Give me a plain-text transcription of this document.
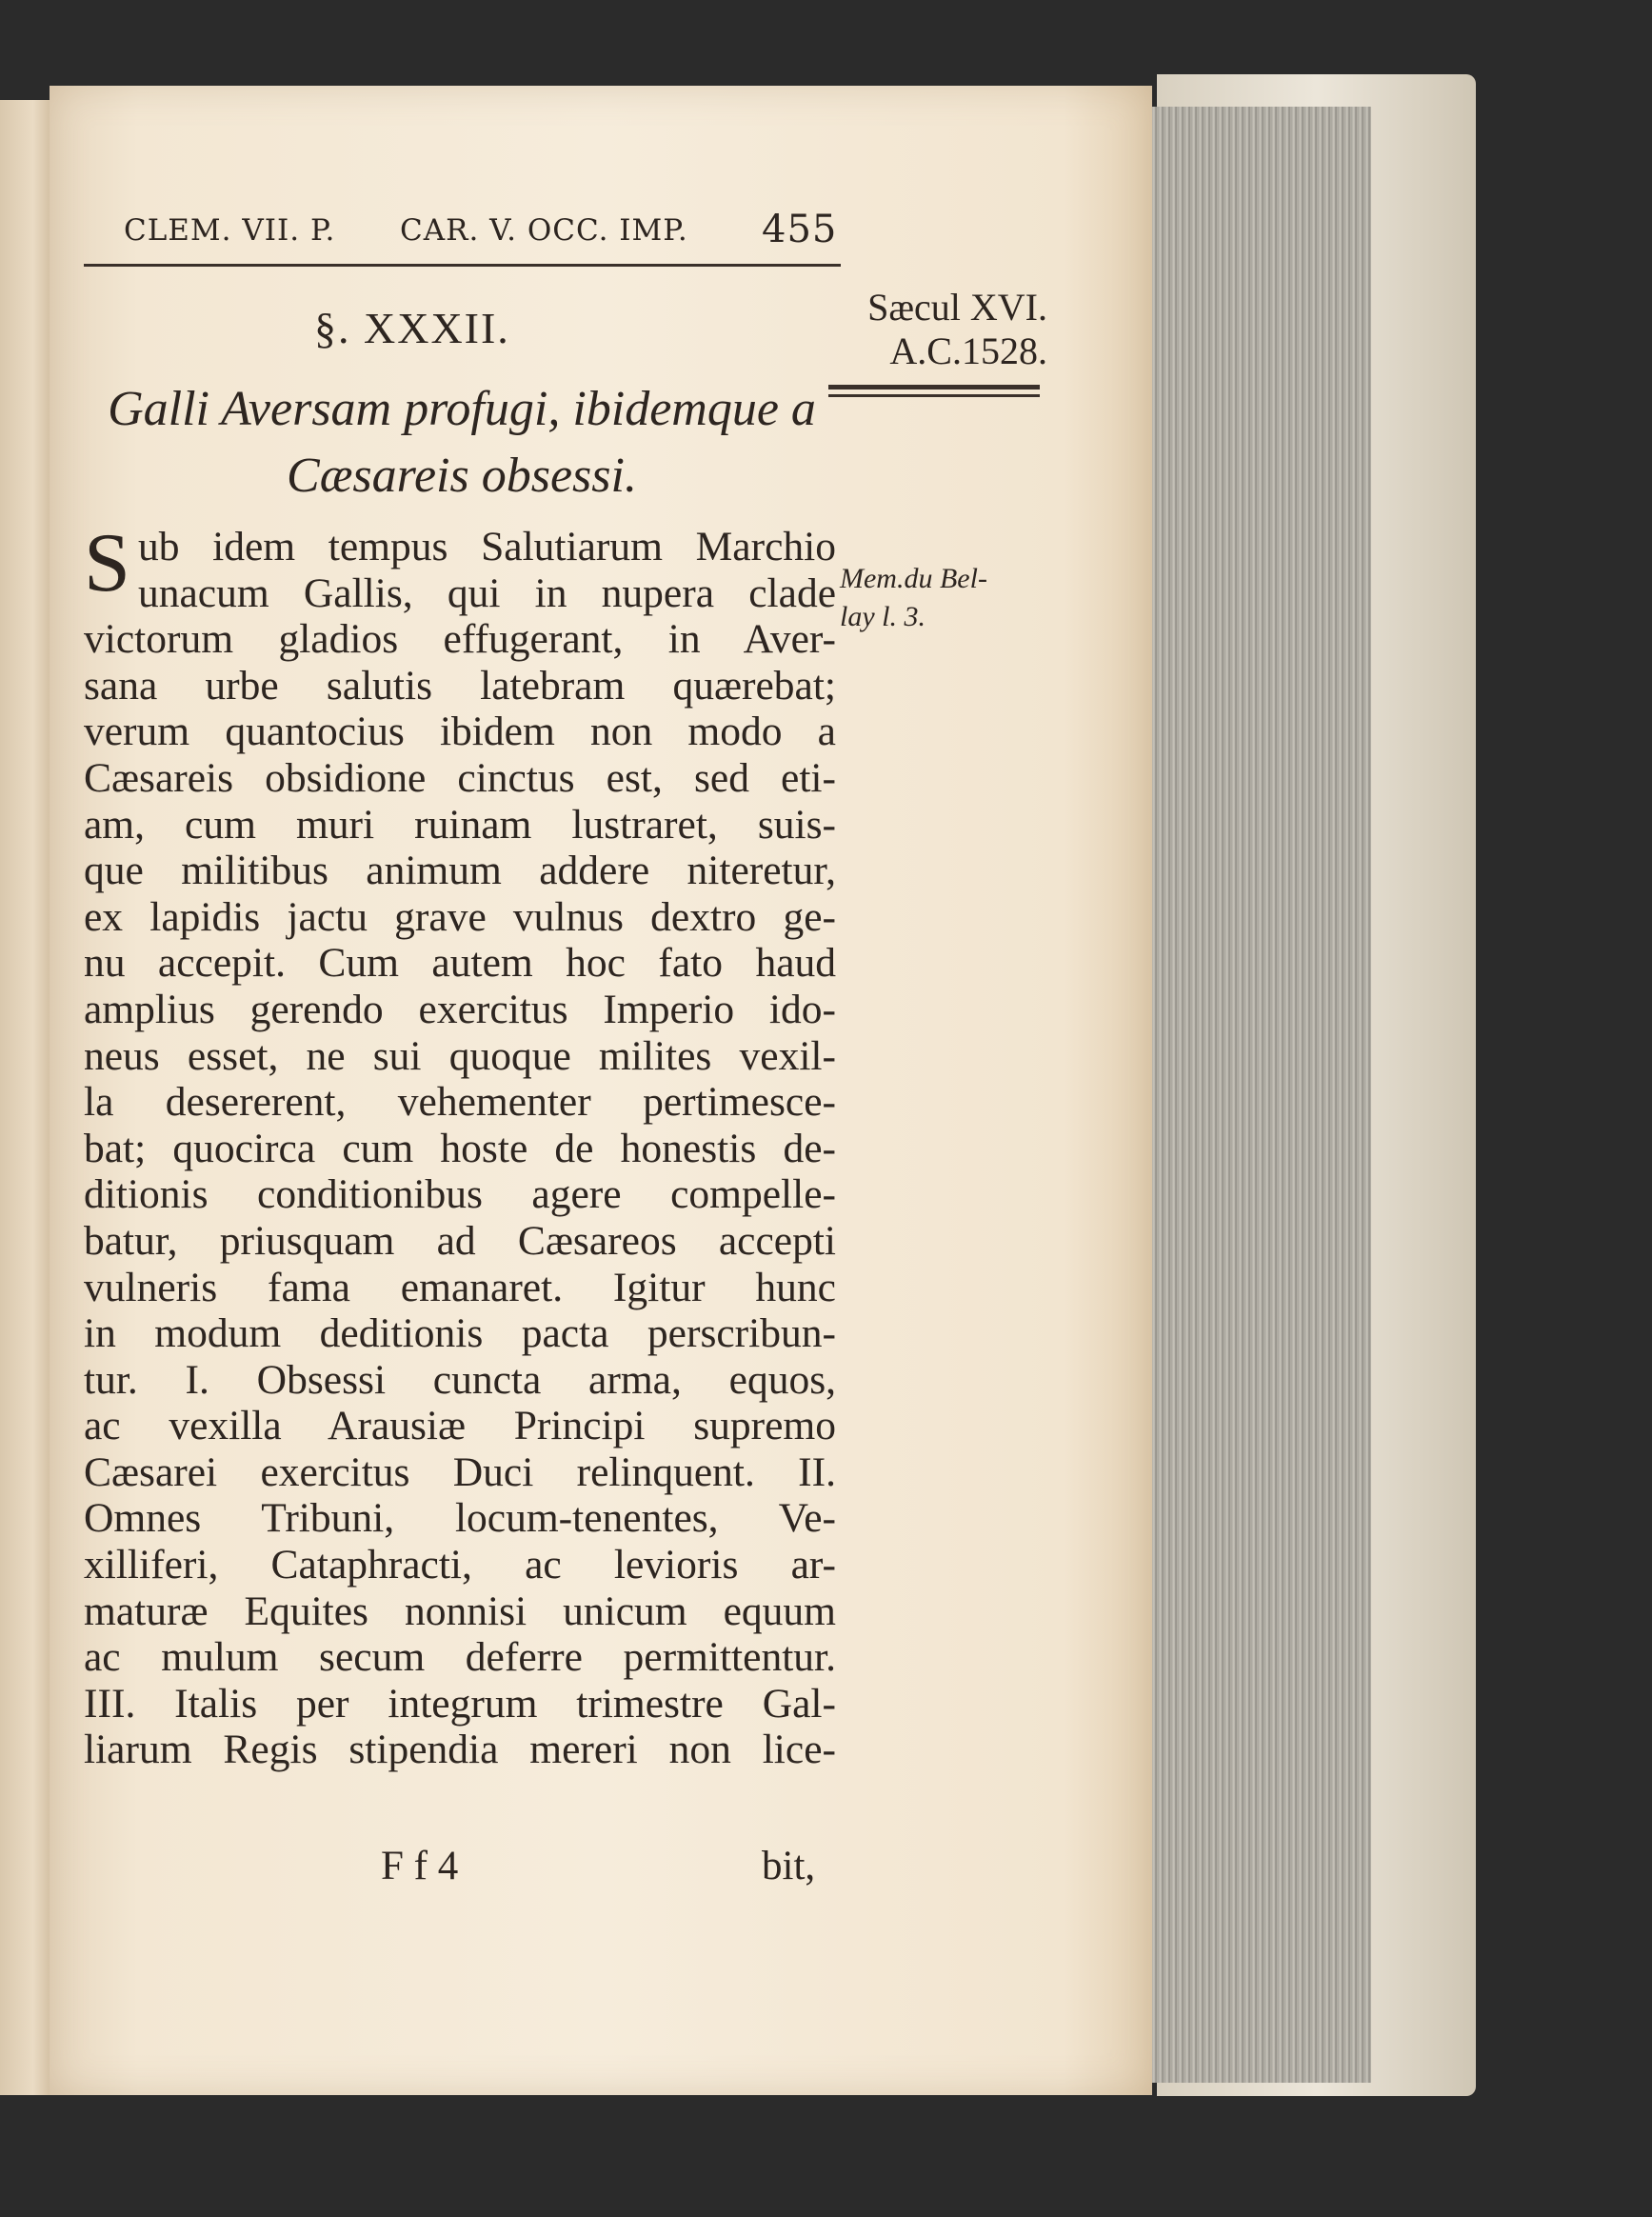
CLEM. VII. P. CAR. V. OCC. IMP. 455
§. XXXII.
Galli Aversam profugi, ibidemque a
Cæsareis obsessi.
Sæcul XVI.
A.C.1528.
Mem.du Bel-
lay l. 3.
Sub idem tempus Salutiarum Marchio
unacum Gallis, qui in nupera clade
victorum gladios effugerant, in Aver-
sana urbe salutis latebram quærebat;
verum quantocius ibidem non modo a
Cæsareis obsidione cinctus est, sed eti-
am, cum muri ruinam lustraret, suis-
que militibus animum addere niteretur,
ex lapidis jactu grave vulnus dextro ge-
nu accepit. Cum autem hoc fato haud
amplius gerendo exercitus Imperio ido-
neus esset, ne sui quoque milites vexil-
la desererent, vehementer pertimesce-
bat; quocirca cum hoste de honestis de-
ditionis conditionibus agere compelle-
batur, priusquam ad Cæsareos accepti
vulneris fama emanaret. Igitur hunc
in modum deditionis pacta perscribun-
tur. I. Obsessi cuncta arma, equos,
ac vexilla Arausiæ Principi supremo
Cæsarei exercitus Duci relinquent. II.
Omnes Tribuni, locum-tenentes, Ve-
xilliferi, Cataphracti, ac levioris ar-
maturæ Equites nonnisi unicum equum
ac mulum secum deferre permittentur.
III. Italis per integrum trimestre Gal-
liarum Regis stipendia mereri non lice-
F f 4	bit,
